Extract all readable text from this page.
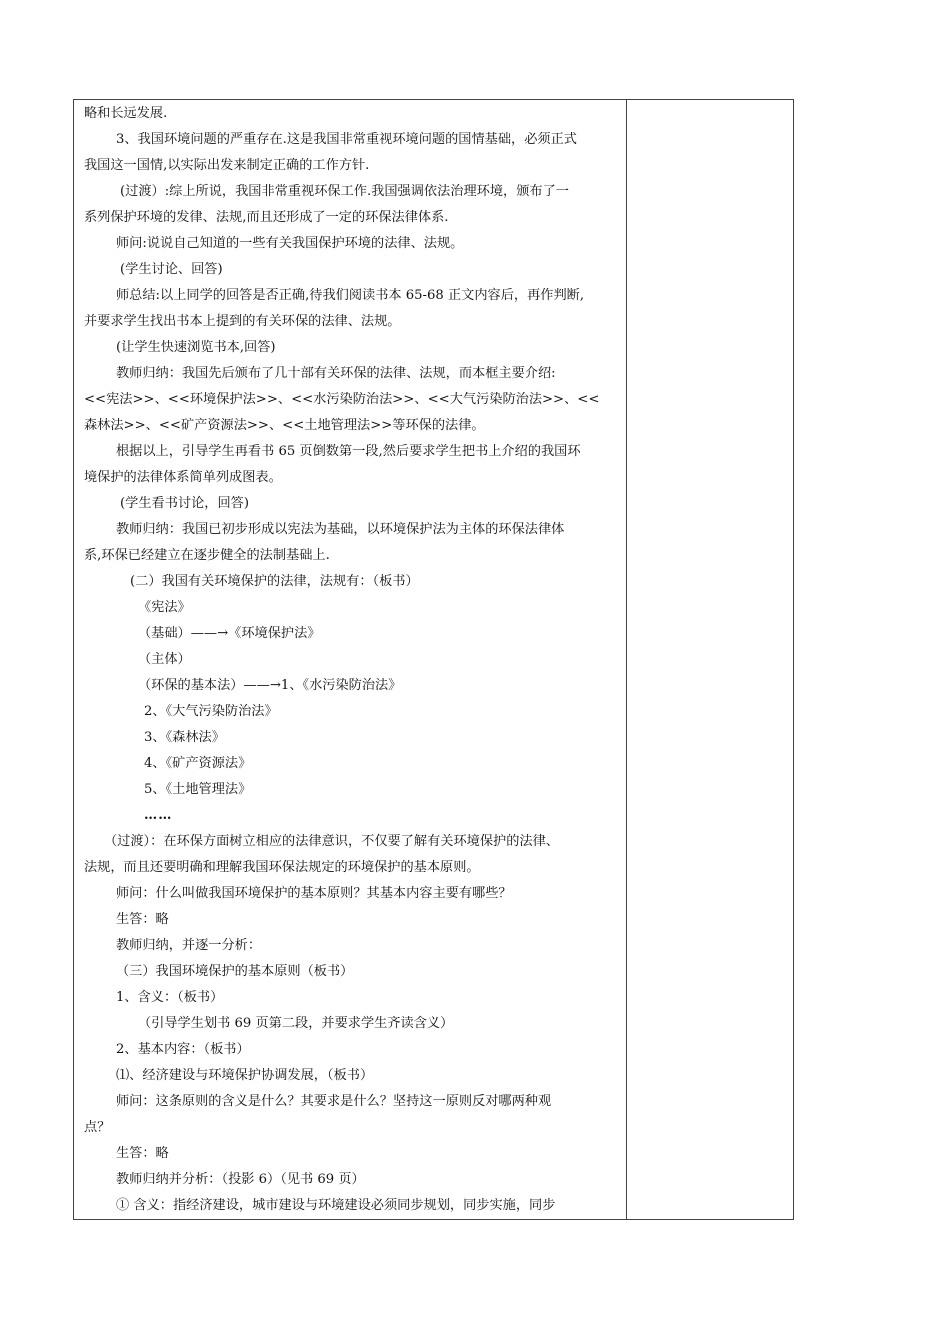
略和长远发展.
3、我国环境问题的严重存在.这是我国非常重视环境问题的国情基础，必须正式
我国这一国情,以实际出发来制定正确的工作方针.
(过渡）:综上所说，我国非常重视环保工作.我国强调依法治理环境，颁布了一
系列保护环境的发律、法规,而且还形成了一定的环保法律体系.
师问:说说自己知道的一些有关我国保护环境的法律、法规。
(学生讨论、回答)
师总结:以上同学的回答是否正确,待我们阅读书本 65-68 正文内容后，再作判断,
并要求学生找出书本上提到的有关环保的法律、法规。
(让学生快速浏览书本,回答)
教师归纳：我国先后颁布了几十部有关环保的法律、法规，而本框主要介绍:
<<宪法>>、<<环境保护法>>、<<水污染防治法>>、<<大气污染防治法>>、<<
森林法>>、<<矿产资源法>>、<<土地管理法>>等环保的法律。
根据以上，引导学生再看书 65 页倒数第一段,然后要求学生把书上介绍的我国环
境保护的法律体系简单列成图表。
(学生看书讨论，回答)
教师归纳：我国已初步形成以宪法为基础，以环境保护法为主体的环保法律体
系,环保已经建立在逐步健全的法制基础上.
(二）我国有关环境保护的法律，法规有：（板书）
《宪法》
（基础）——→《环境保护法》
（主体）
（环保的基本法）——→1、《水污染防治法》
2、《大气污染防治法》
3、《森林法》
4、《矿产资源法》
5、《土地管理法》
……
（过渡）：在环保方面树立相应的法律意识，不仅要了解有关环境保护的法律、
法规，而且还要明确和理解我国环保法规定的环境保护的基本原则。
师问：什么叫做我国环境保护的基本原则？其基本内容主要有哪些？
生答：略
教师归纳，并逐一分析：
（三）我国环境保护的基本原则（板书）
1、含义：（板书）
（引导学生划书 69 页第二段，并要求学生齐读含义）
2、基本内容：（板书）
⑴、经济建设与环境保护协调发展，（板书）
师问：这条原则的含义是什么？其要求是什么？坚持这一原则反对哪两种观
点？
生答：略
教师归纳并分析：（投影 6）（见书 69 页）
① 含义：指经济建设，城市建设与环境建设必须同步规划，同步实施，同步
